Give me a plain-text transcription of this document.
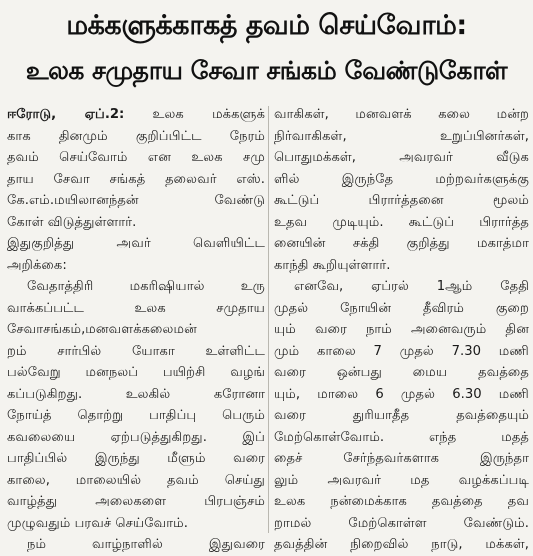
மக்களுக்காகத் தவம் செய்வோம்:
உலக சமுதாய சேவா சங்கம் வேண்டுகோள்
ஈரோடு, ஏப்.2: உலக மக்களுக்
காக தினமும் குறிப்பிட்ட நேரம்
தவம் செய்வோம் என உலக சமு
தாய சேவா சங்கத் தலைவர் எஸ்.
கே.எம்.மயிலானந்தன் வேண்டு
கோள் விடுத்துள்ளார்.
இதுகுறித்து அவர் வெளியிட்ட
அறிக்கை:
வேதாத்திரி மகரிஷியால் உரு
வாக்கப்பட்ட உலக சமுதாய
சேவாசங்கம்,மனவளக்கலைமன்
றம் சார்பில் யோகா உள்ளிட்ட
பல்வேறு மனநலப் பயிற்சி வழங்
கப்படுகிறது. உலகில் கரோனா
நோய்த் தொற்று பாதிப்பு பெரும்
கவலையை ஏற்படுத்துகிறது. இப்
பாதிப்பில் இருந்து மீளும் வரை
காலை, மாலையில் தவம் செய்து
வாழ்த்து அலைகளை பிரபஞ்சம்
முழுவதும் பரவச் செய்வோம்.
நம் வாழ்நாளில் இதுவரை
வாகிகள், மனவளக் கலை மன்ற
நிர்வாகிகள், உறுப்பினர்கள்,
பொதுமக்கள், அவரவர் வீடுக
ளில் இருந்தே மற்றவர்களுக்கு
கூட்டுப் பிரார்த்தனை மூலம்
உதவ முடியும். கூட்டுப் பிரார்த்த
னையின் சக்தி குறித்து மகாத்மா
காந்தி கூறியுள்ளார்.
எனவே, ஏப்ரல் 1ஆம் தேதி
முதல் நோயின் தீவிரம் குறை
யும் வரை நாம் அனைவரும் தின
மும் காலை 7 முதல் 7.30 மணி
வரை ஒன்பது மைய தவத்தை
யும், மாலை 6 முதல் 6.30 மணி
வரை துரியாதீத தவத்தையும்
மேற்கொள்வோம். எந்த மதத்
தைச் சேர்ந்தவர்களாக இருந்தா
லும் அவரவர் மத வழக்கப்படி
உலக நன்மைக்காக தவத்தை தவ
றாமல் மேற்கொள்ள வேண்டும்.
தவத்தின் நிறைவில் நாடு, மக்கள்,
